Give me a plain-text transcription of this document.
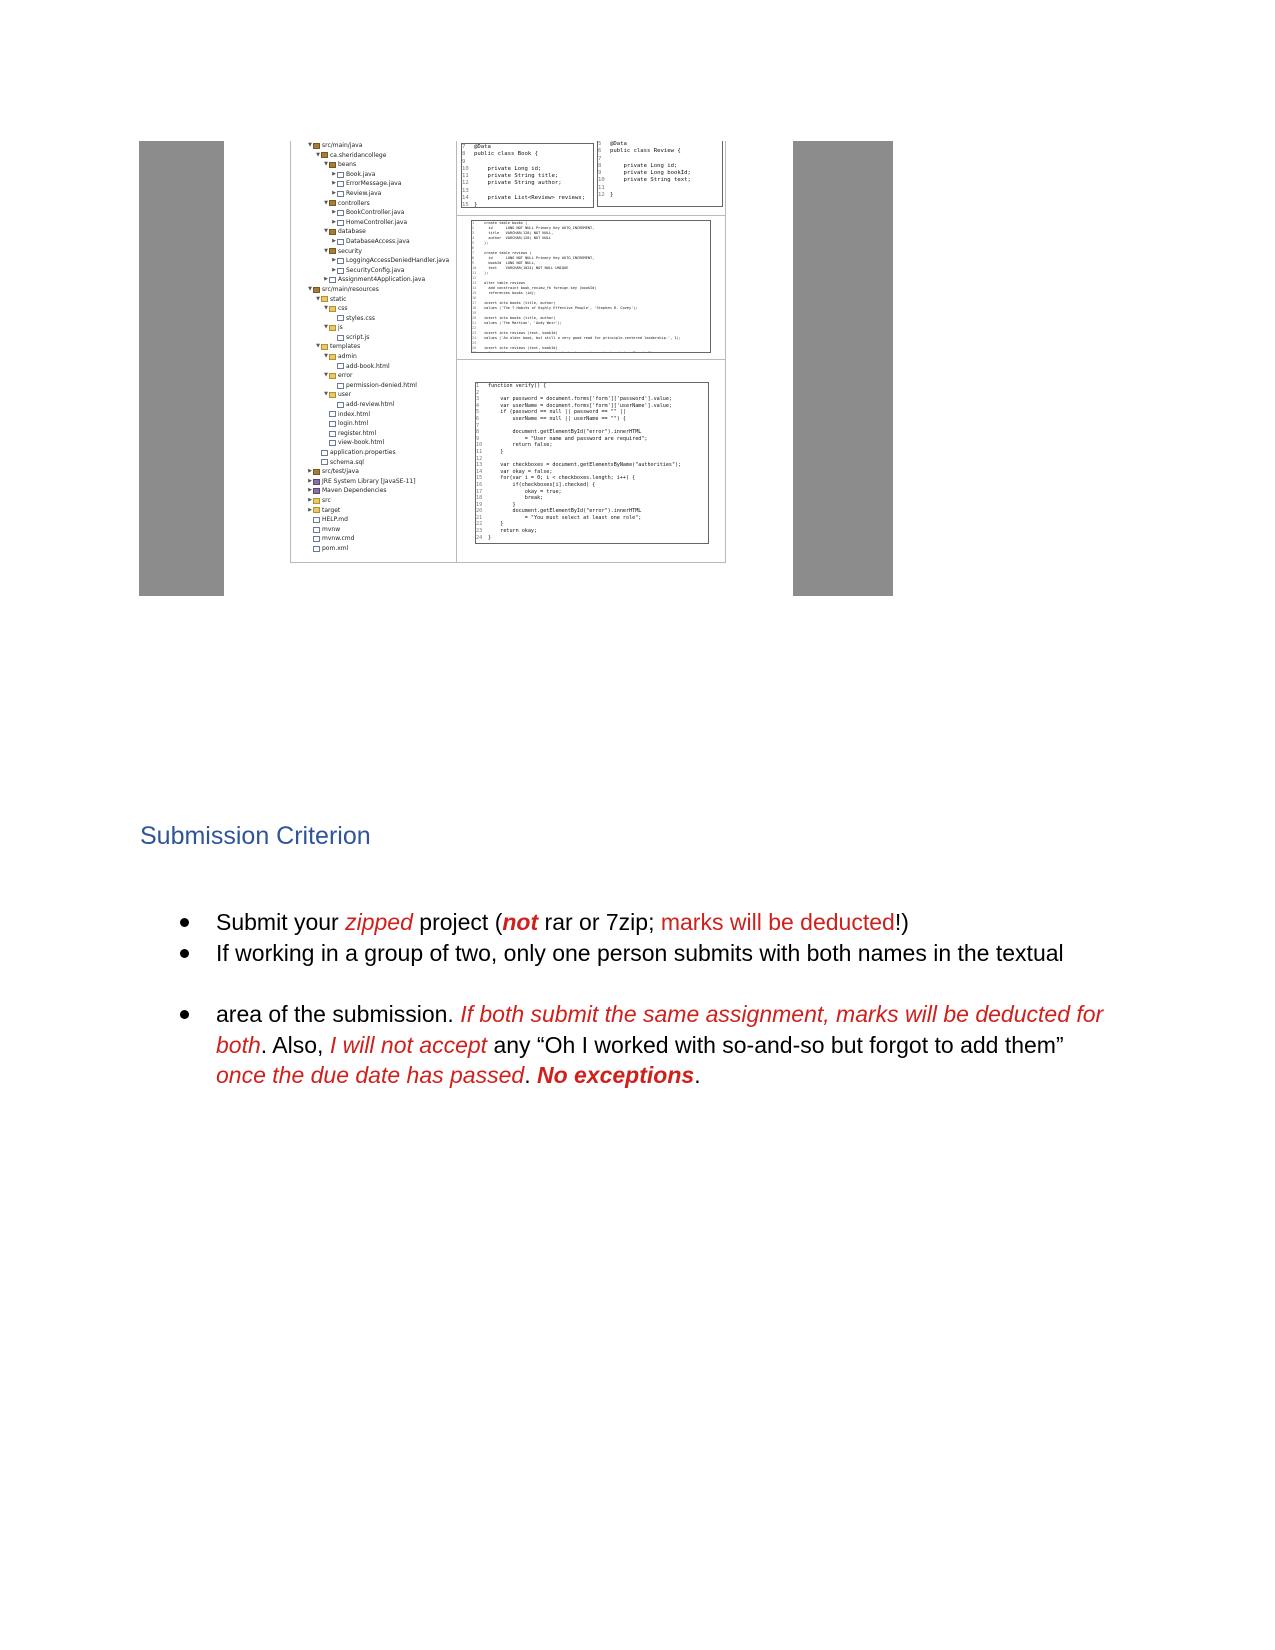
▼ src/main/java
▼ ca.sheridancollege
▼ beans
▶ Book.java
▶ ErrorMessage.java
▶ Review.java
▼ controllers
▶ BookController.java
▶ HomeController.java
▼ database
▶ DatabaseAccess.java
▼ security
▶ LoggingAccessDeniedHandler.java
▶ SecurityConfig.java
▶ Assignment4Application.java
▼ src/main/resources
▼ static
▼ css
styles.css
▼ js
script.js
▼ templates
▼ admin
add-book.html
▼ error
permission-denied.html
▼ user
add-review.html
index.html
login.html
register.html
view-book.html
application.properties
schema.sql
▶ src/test/java
▶ JRE System Library [JavaSE-11]
▶ Maven Dependencies
▶ src
▶ target
HELP.md
mvnw
mvnw.cmd
pom.xml
7 @Data
8 public class Book {
9
10    private Long id;
11    private String title;
12    private String author;
13
14    private List<Review> reviews;
15 }
5 @Data
6 public class Review {
7
8    private Long id;
9    private Long bookId;
10    private String text;
11
12 }
1	create table books (
2	id      LONG NOT NULL Primary Key AUTO_INCREMENT,
3	title   VARCHAR(128) NOT NULL,
4	author  VARCHAR(128) NOT NULL
5	);
6
7	create table reviews (
8	id      LONG NOT NULL Primary Key AUTO_INCREMENT,
9	bookId  LONG NOT NULL,
10  text    VARCHAR(1024) NOT NULL UNIQUE
11 );
12
13 alter table reviews
14  add constraint book_review_fk foreign key (bookId)
15  references books (id);
16
17 insert into books (title, author)
18 values ('The 7 Habits of Highly Effective People', 'Stephen R. Covey');
19
20 insert into books (title, author)
21 values ('The Martian', 'Andy Weir');
22
23 insert into reviews (text, bookId)
24 values ('An older book, but still a very good read for principle-centered leadership.', 1);
25
26 insert into reviews (text, bookId)
27 values ('A great science fiction book about an astronaut stranded on Mars', 2);
1 function verify() {
2
3    var password = document.forms['form']['password'].value;
4    var userName = document.forms['form']['userName'].value;
5    if (password == null || password == "" ||
6        userName == null || userName == "") {
7
8        document.getElementById("error").innerHTML
9            = "User name and password are required";
10        return false;
11    }
12
13    var checkboxes = document.getElementsByName("authorities");
14    var okay = false;
15    for(var i = 0; i < checkboxes.length; i++) {
16        if(checkboxes[i].checked) {
17            okay = true;
18            break;
19        }
20        document.getElementById("error").innerHTML
21            = "You must select at least one role";
22    }
23    return okay;
24 }
Submission Criterion
Submit your zipped project (not rar or 7zip; marks will be deducted!)
If working in a group of two, only one person submits with both names in the textual
area of the submission. If both submit the same assignment, marks will be deducted for both. Also, I will not accept any “Oh I worked with so-and-so but forgot to add them” once the due date has passed. No exceptions.
